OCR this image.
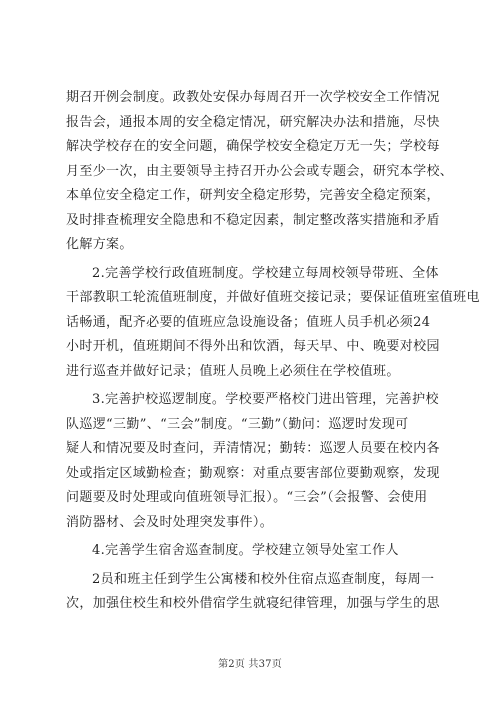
期召开例会制度。政教处安保办每周召开一次学校安全工作情况
报告会，通报本周的安全稳定情况，研究解决办法和措施，尽快
解决学校存在的安全问题，确保学校安全稳定万无一失；学校每
月至少一次，由主要领导主持召开办公会或专题会，研究本学校、
本单位安全稳定工作，研判安全稳定形势，完善安全稳定预案，
及时排查梳理安全隐患和不稳定因素，制定整改落实措施和矛盾
化解方案。
2.完善学校行政值班制度。学校建立每周校领导带班、全体
干部教职工轮流值班制度，并做好值班交接记录；要保证值班室值班电
话畅通，配齐必要的值班应急设施设备；值班人员手机必须24
小时开机，值班期间不得外出和饮酒，每天早、中、晚要对校园
进行巡查并做好记录；值班人员晚上必须住在学校值班。
3.完善护校巡逻制度。学校要严格校门进出管理，完善护校
队巡逻“三勤”、“三会”制度。“三勤”（勤问：巡逻时发现可
疑人和情况要及时查问，弄清情况；勤转：巡逻人员要在校内各
处或指定区域勤检查；勤观察：对重点要害部位要勤观察，发现
问题要及时处理或向值班领导汇报）。“三会”（会报警、会使用
消防器材、会及时处理突发事件）。
4.完善学生宿舍巡查制度。学校建立领导处室工作人
2员和班主任到学生公寓楼和校外住宿点巡查制度，每周一
次，加强住校生和校外借宿学生就寝纪律管理，加强与学生的思
第2页 共37页
